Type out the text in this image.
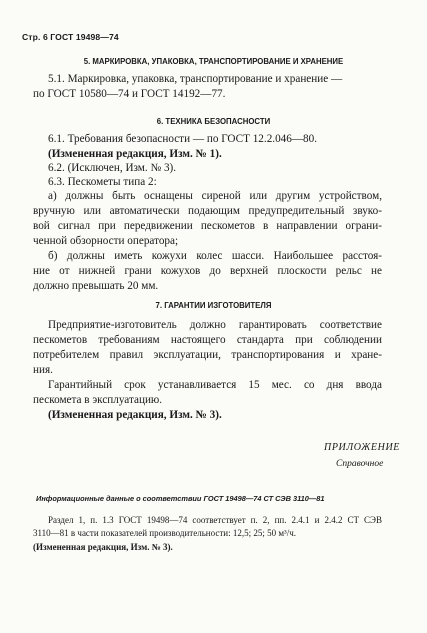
Стр. 6 ГОСТ 19498—74
5. МАРКИРОВКА, УПАКОВКА, ТРАНСПОРТИРОВАНИЕ И ХРАНЕНИЕ
5.1. Маркировка, упаковка, транспортирование и хранение —
по ГОСТ 10580—74 и ГОСТ 14192—77.
6. ТЕХНИКА БЕЗОПАСНОСТИ
6.1. Требования безопасности — по ГОСТ 12.2.046—80.
(Измененная редакция, Изм. № 1).
6.2. (Исключен, Изм. № 3).
6.3. Пескометы типа 2:
а) должны быть оснащены сиреной или другим устройством,
вручную или автоматически подающим предупредительный звуко-
вой сигнал при передвижении пескометов в направлении ограни-
ченной обзорности оператора;
б) должны иметь кожухи колес шасси. Наибольшее расстоя-
ние от нижней грани кожухов до верхней плоскости рельс не
должно превышать 20 мм.
7. ГАРАНТИИ ИЗГОТОВИТЕЛЯ
Предприятие-изготовитель должно гарантировать соответствие
пескометов требованиям настоящего стандарта при соблюдении
потребителем правил эксплуатации, транспортирования и хране-
ния.
Гарантийный срок устанавливается 15 мес. со дня ввода
пескомета в эксплуатацию.
(Измененная редакция, Изм. № 3).
ПРИЛОЖЕНИЕ
Справочное
Информационные данные о соответствии ГОСТ 19498—74 СТ СЭВ 3110—81
Раздел 1, п. 1.3 ГОСТ 19498—74 соответствует п. 2, пп. 2.4.1 и 2.4.2 СТ СЭВ
3110—81 в части показателей производительности: 12,5; 25; 50 м³/ч.
(Измененная редакция, Изм. № 3).
